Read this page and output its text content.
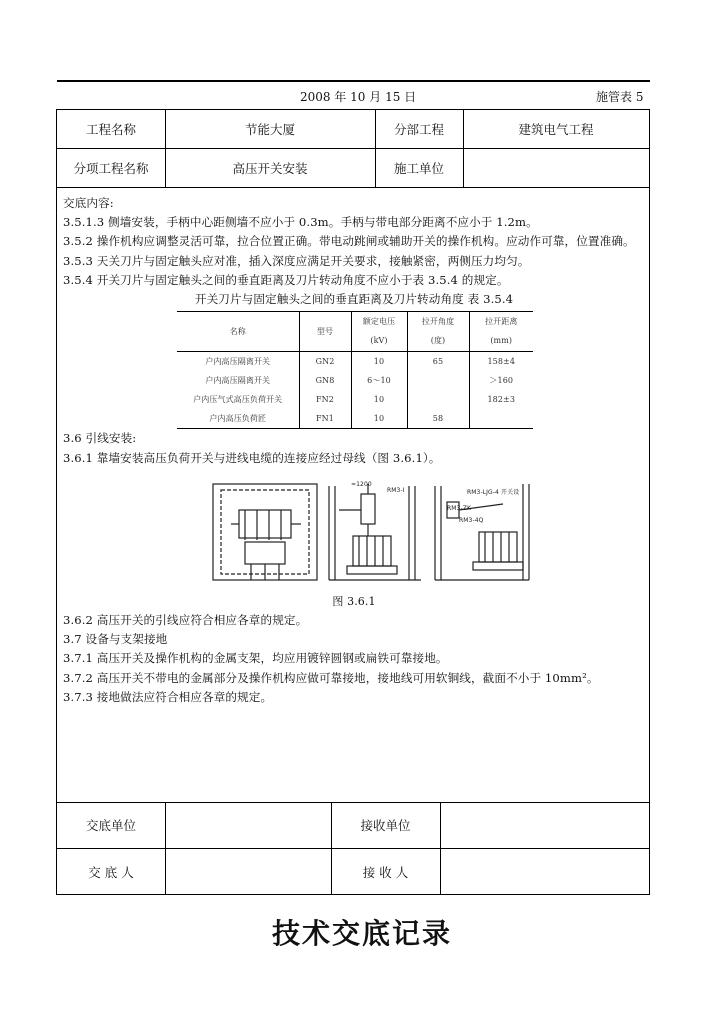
2008 年 10 月 15 日	施管表 5
工程名称	节能大厦	分部工程	建筑电气工程
分项工程名称	高压开关安装	施工单位

交底内容:

3.5.1.3 侧墙安装，手柄中心距侧墙不应小于 0.3m。手柄与带电部分距离不应小于 1.2m。

3.5.2 操作机构应调整灵活可靠，拉合位置正确。带电动跳闸或辅助开关的操作机构。应动作可靠，位置准确。

3.5.3 天关刀片与固定触头应对准，插入深度应满足开关要求，接触紧密，两侧压力均匀。

3.5.4 开关刀片与固定触头之间的垂直距离及刀片转动角度不应小于表 3.5.4 的规定。

开关刀片与固定触头之间的垂直距离及刀片转动角度 表 3.5.4

名称	型号	额定电压	拉开角度	拉开距离
		(kV)	(度)	(mm)
户内高压隔离开关	GN2	10	65	158±4
户内高压隔离开关	GN8	6～10		＞160
户内压气式高压负荷开关	FN2	10		182±3
户内高压负荷匠	FN1	10	58	

3.6 引线安装:

3.6.1 靠墙安装高压负荷开关与进线电缆的连接应经过母线（图 3.6.1）。

≈1200
RM3-I	RM3-LJG-4 开关设
RM3-4Q
RM3-ZK

图 3.6.1

3.6.2 高压开关的引线应符合相应各章的规定。

3.7 设备与支架接地

3.7.1 高压开关及操作机构的金属支架，均应用镀锌圆钢或扁铁可靠接地。

3.7.2 高压开关不带电的金属部分及操作机构应做可靠接地，接地线可用软铜线，截面不小于 10mm²。

3.7.3 接地做法应符合相应各章的规定。

交底单位	接收单位
交 底 人	接 收 人
技术交底记录
